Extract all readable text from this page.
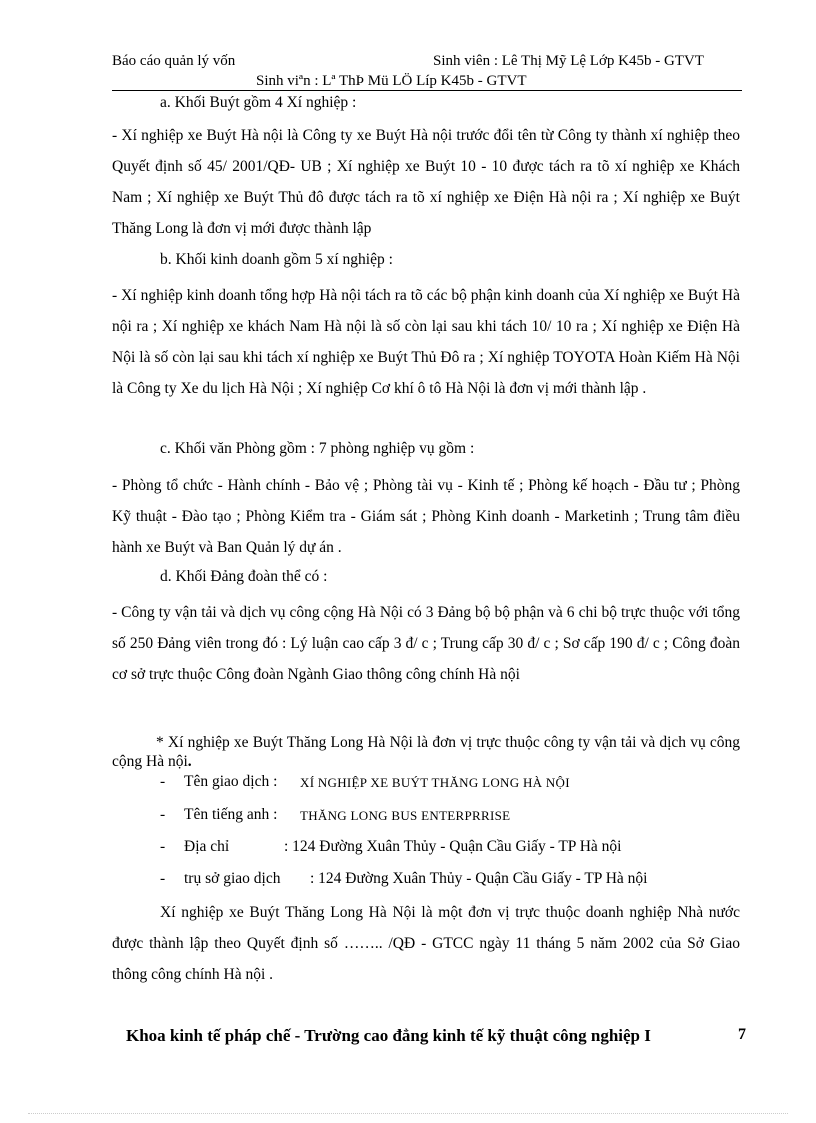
Báo cáo quản lý vốn	Sinh viên : Lê Thị Mỹ Lệ Lớp K45b - GTVT
Sinh viªn : Lª ThÞ Mü LÖ Líp K45b - GTVT
a. Khối Buýt gồm 4 Xí nghiệp :
- Xí nghiệp xe Buýt Hà nội là Công ty xe Buýt Hà nội trước đổi tên từ Công ty thành xí nghiệp theo Quyết định số 45/ 2001/QĐ- UB ; Xí nghiệp xe Buýt 10 - 10 được tách ra tõ xí nghiệp xe Khách Nam ; Xí nghiệp xe Buýt Thủ đô được tách ra tõ xí nghiệp xe Điện Hà nội ra ; Xí nghiệp xe Buýt Thăng Long là đơn vị mới được thành lập
b. Khối kinh doanh gồm 5 xí nghiệp :
- Xí nghiệp kinh doanh tổng hợp Hà nội tách ra tõ các bộ phận kinh doanh của Xí nghiệp xe Buýt Hà nội ra ; Xí nghiệp xe khách Nam Hà nội là số còn lại sau khi tách 10/ 10 ra ; Xí nghiệp xe Điện Hà Nội là số còn lại sau khi tách xí nghiệp xe Buýt Thủ Đô ra ; Xí nghiệp TOYOTA Hoàn Kiếm Hà Nội là Công ty Xe du lịch Hà Nội ; Xí nghiệp Cơ khí ô tô Hà Nội là đơn vị mới thành lập .
c. Khối văn Phòng gồm : 7 phòng nghiệp vụ gồm :
- Phòng tổ chức - Hành chính - Bảo vệ ; Phòng tài vụ - Kinh tế ; Phòng kế hoạch - Đầu tư ; Phòng Kỹ thuật - Đào tạo ; Phòng Kiểm tra - Giám sát ; Phòng Kinh doanh - Marketinh ; Trung tâm điều hành xe Buýt và Ban Quản lý dự án .
d. Khối Đảng đoàn thể có :
- Công ty vận tải và dịch vụ công cộng Hà Nội có 3 Đảng bộ bộ phận và 6 chi bộ trực thuộc với tổng số 250 Đảng viên trong đó : Lý luận cao cấp 3 đ/ c ; Trung cấp 30 đ/ c ; Sơ cấp 190 đ/ c ; Công đoàn cơ sở trực thuộc Công đoàn Ngành Giao thông công chính Hà nội
* Xí nghiệp xe Buýt Thăng Long Hà Nội là đơn vị trực thuộc công ty vận tải và dịch vụ công cộng Hà nội.
- Tên giao dịch : XÍ NGHIỆP XE BUÝT THĂNG LONG HÀ NỘI
- Tên tiếng anh : THĂNG LONG BUS ENTERPRRISE
- Địa chỉ	: 124 Đường Xuân Thủy - Quận Cầu Giấy - TP Hà nội
- trụ sở giao dịch : 124 Đường Xuân Thủy - Quận Cầu Giấy - TP Hà nội
Xí nghiệp xe Buýt Thăng Long Hà Nội là một đơn vị trực thuộc doanh nghiệp Nhà nước được thành lập theo Quyết định số …….. /QĐ - GTCC ngày 11 tháng 5 năm 2002 của Sở Giao thông công chính Hà nội .
Khoa kinh tế pháp chế - Trường cao đẳng kinh tế kỹ thuật công nghiệp I	7
